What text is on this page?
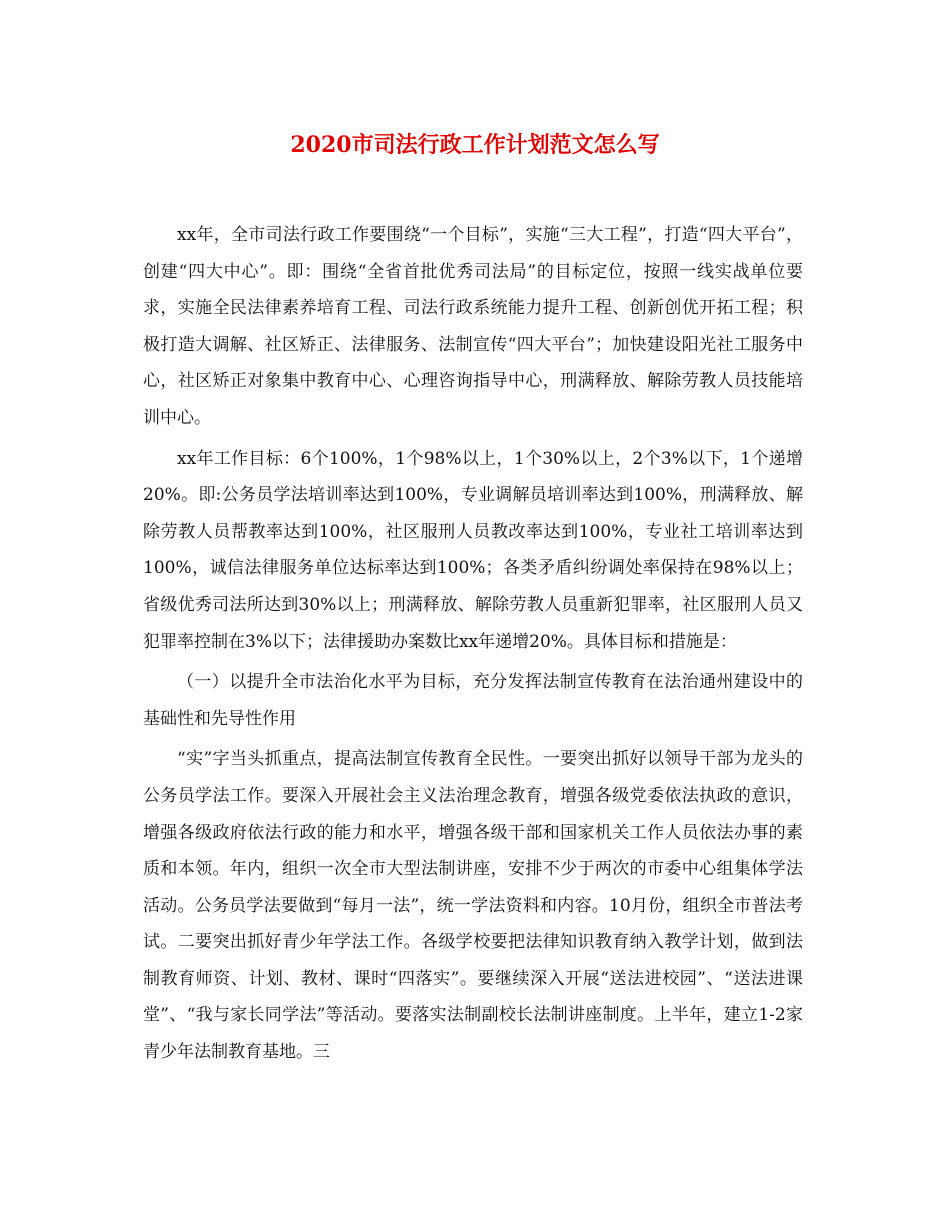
2020市司法行政工作计划范文怎么写

xx年，全市司法行政工作要围绕“一个目标”，实施“三大工程”，打造“四大平台”，创建“四大中心”。即：围绕“全省首批优秀司法局”的目标定位，按照一线实战单位要求，实施全民法律素养培育工程、司法行政系统能力提升工程、创新创优开拓工程；积极打造大调解、社区矫正、法律服务、法制宣传“四大平台”；加快建设阳光社工服务中心，社区矫正对象集中教育中心、心理咨询指导中心，刑满释放、解除劳教人员技能培训中心。

xx年工作目标：6个100%，1个98%以上，1个30%以上，2个3%以下，1个递增20%。即:公务员学法培训率达到100%，专业调解员培训率达到100%，刑满释放、解除劳教人员帮教率达到100%，社区服刑人员教改率达到100%，专业社工培训率达到100%，诚信法律服务单位达标率达到100%；各类矛盾纠纷调处率保持在98%以上；省级优秀司法所达到30%以上；刑满释放、解除劳教人员重新犯罪率，社区服刑人员又犯罪率控制在3%以下；法律援助办案数比xx年递增20%。具体目标和措施是：

（一）以提升全市法治化水平为目标，充分发挥法制宣传教育在法治通州建设中的基础性和先导性作用

“实”字当头抓重点，提高法制宣传教育全民性。一要突出抓好以领导干部为龙头的公务员学法工作。要深入开展社会主义法治理念教育，增强各级党委依法执政的意识，增强各级政府依法行政的能力和水平，增强各级干部和国家机关工作人员依法办事的素质和本领。年内，组织一次全市大型法制讲座，安排不少于两次的市委中心组集体学法活动。公务员学法要做到“每月一法”，统一学法资料和内容。10月份，组织全市普法考试。二要突出抓好青少年学法工作。各级学校要把法律知识教育纳入教学计划，做到法制教育师资、计划、教材、课时“四落实”。要继续深入开展“送法进校园”、“送法进课堂”、“我与家长同学法”等活动。要落实法制副校长法制讲座制度。上半年，建立1-2家青少年法制教育基地。三
